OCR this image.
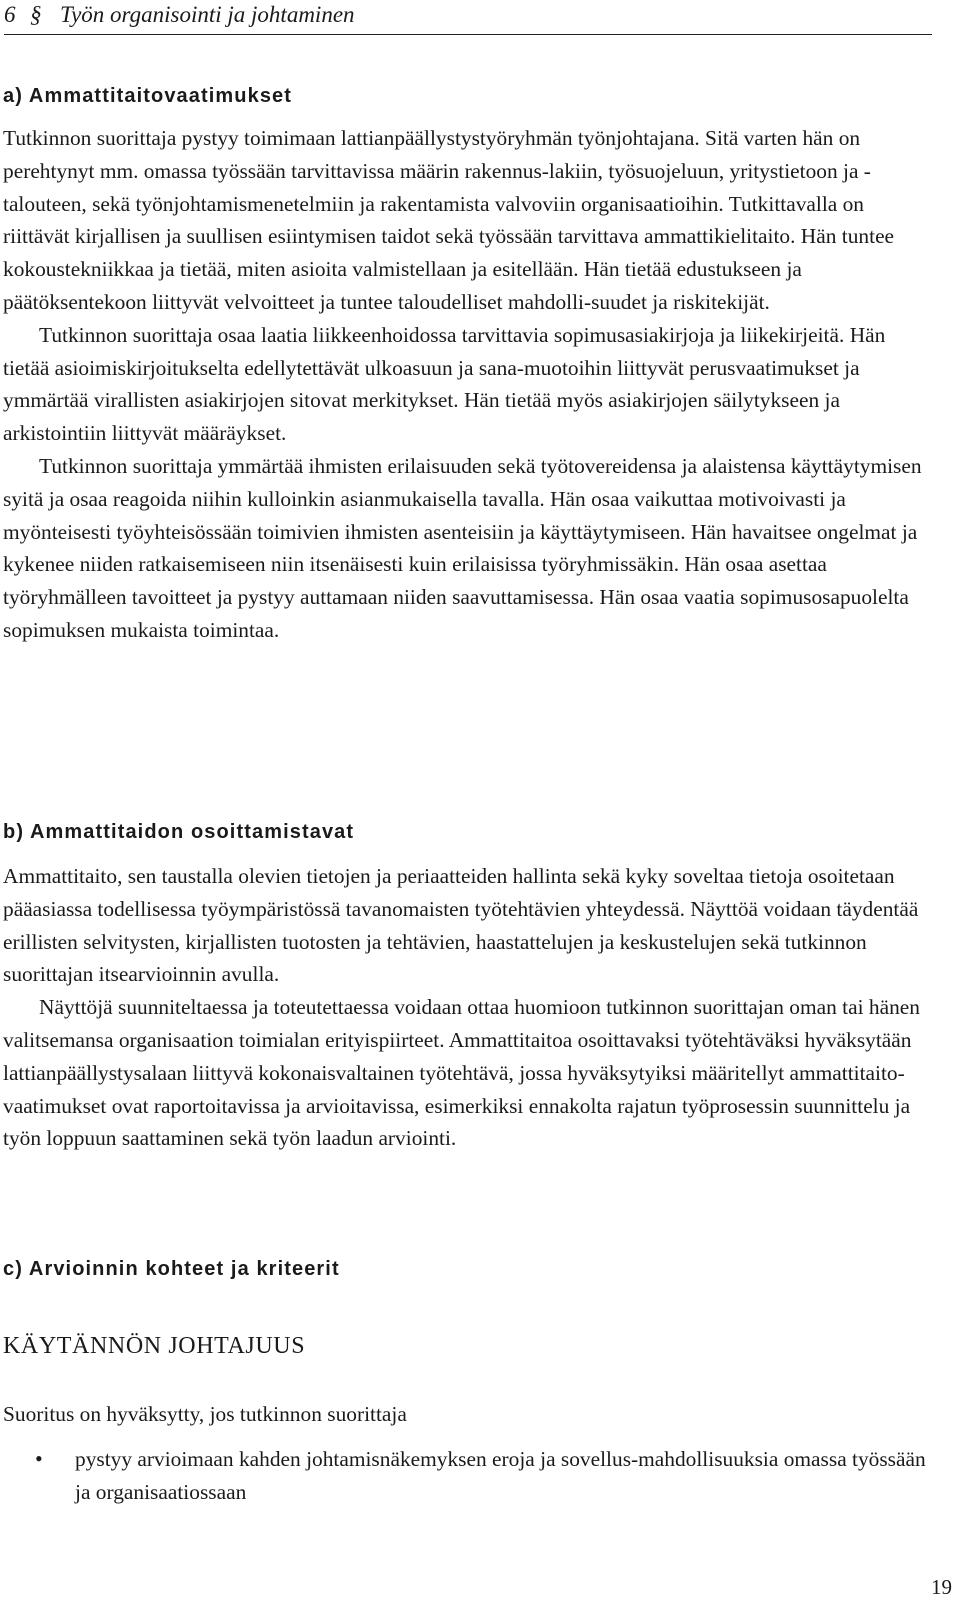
6 § Työn organisointi ja johtaminen
a) Ammattitaitovaatimukset

Tutkinnon suorittaja pystyy toimimaan lattianpäällystystyöryhmän työnjohtajana. Sitä varten hän on perehtynyt mm. omassa työssään tarvittavissa määrin rakennus-lakiin, työsuojeluun, yritystietoon ja -talouteen, sekä työnjohtamismenetelmiin ja rakentamista valvoviin organisaatioihin. Tutkittavalla on riittävät kirjallisen ja suullisen esiintymisen taidot sekä työssään tarvittava ammattikielitaito. Hän tuntee kokoustekniikkaa ja tietää, miten asioita valmistellaan ja esitellään. Hän tietää edustukseen ja päätöksentekoon liittyvät velvoitteet ja tuntee taloudelliset mahdolli-suudet ja riskitekijät.

Tutkinnon suorittaja osaa laatia liikkeenhoidossa tarvittavia sopimusasiakirjoja ja liikekirjeitä. Hän tietää asioimiskirjoitukselta edellytettävät ulkoasuun ja sana-muotoihin liittyvät perusvaatimukset ja ymmärtää virallisten asiakirjojen sitovat merkitykset. Hän tietää myös asiakirjojen säilytykseen ja arkistointiin liittyvät määräykset.

Tutkinnon suorittaja ymmärtää ihmisten erilaisuuden sekä työtovereidensa ja alaistensa käyttäytymisen syitä ja osaa reagoida niihin kulloinkin asianmukaisella tavalla. Hän osaa vaikuttaa motivoivasti ja myönteisesti työyhteisössään toimivien ihmisten asenteisiin ja käyttäytymiseen. Hän havaitsee ongelmat ja kykenee niiden ratkaisemiseen niin itsenäisesti kuin erilaisissa työryhmissäkin. Hän osaa asettaa työryhmälleen tavoitteet ja pystyy auttamaan niiden saavuttamisessa. Hän osaa vaatia sopimusosapuolelta sopimuksen mukaista toimintaa.

b) Ammattitaidon osoittamistavat

Ammattitaito, sen taustalla olevien tietojen ja periaatteiden hallinta sekä kyky soveltaa tietoja osoitetaan pääasiassa todellisessa työympäristössä tavanomaisten työtehtävien yhteydessä. Näyttöä voidaan täydentää erillisten selvitysten, kirjallisten tuotosten ja tehtävien, haastattelujen ja keskustelujen sekä tutkinnon suorittajan itsearvioinnin avulla.

Näyttöjä suunniteltaessa ja toteutettaessa voidaan ottaa huomioon tutkinnon suorittajan oman tai hänen valitsemansa organisaation toimialan erityispiirteet. Ammattitaitoa osoittavaksi työtehtäväksi hyväksytään lattianpäällystysalaan liittyvä kokonaisvaltainen työtehtävä, jossa hyväksytyiksi määritellyt ammattitaito-vaatimukset ovat raportoitavissa ja arvioitavissa, esimerkiksi ennakolta rajatun työprosessin suunnittelu ja työn loppuun saattaminen sekä työn laadun arviointi.

c) Arvioinnin kohteet ja kriteerit

KÄYTÄNNÖN JOHTAJUUS

Suoritus on hyväksytty, jos tutkinnon suorittaja

• pystyy arvioimaan kahden johtamisnäkemyksen eroja ja sovellus-mahdollisuuksia omassa työssään ja organisaatiossaan
19
